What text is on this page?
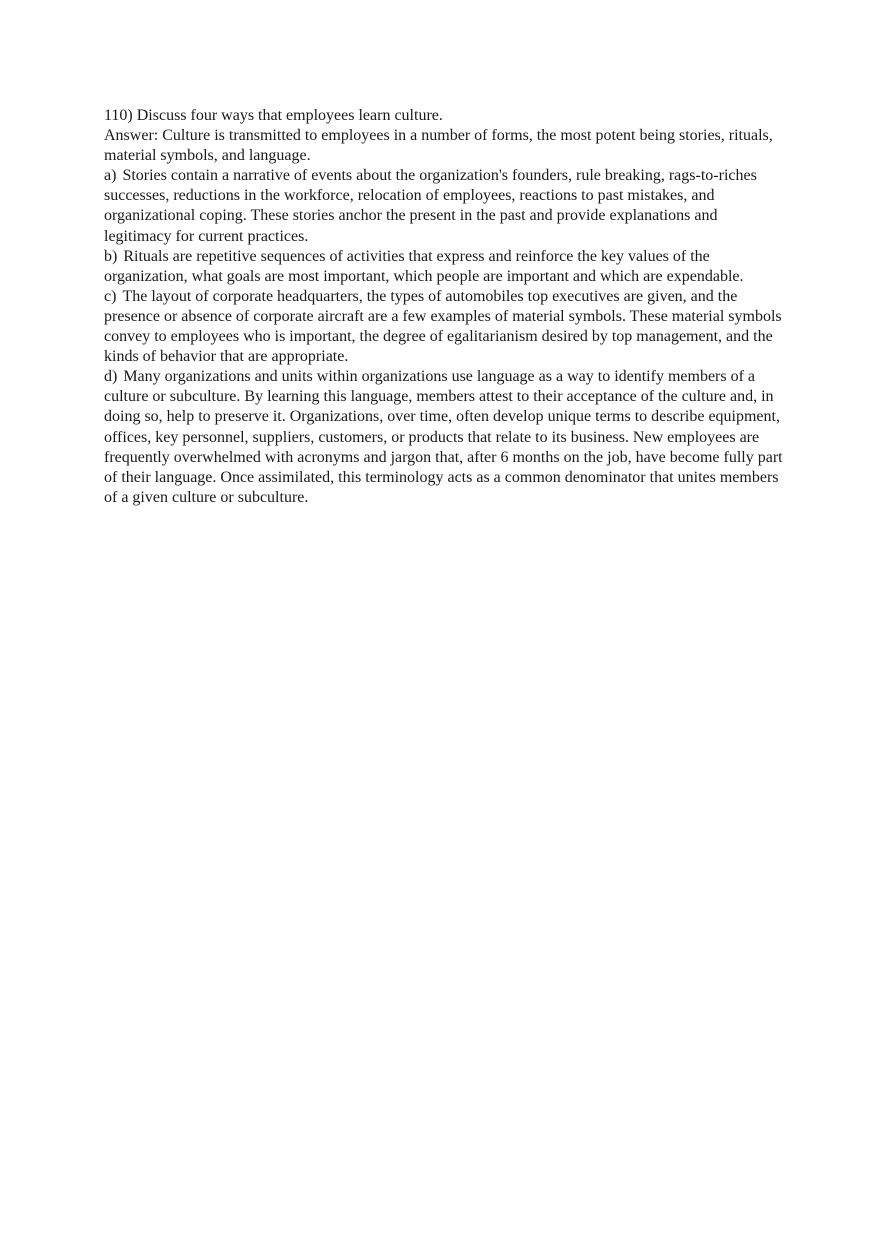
110) Discuss four ways that employees learn culture.

Answer: Culture is transmitted to employees in a number of forms, the most potent being stories, rituals, material symbols, and language.

a) Stories contain a narrative of events about the organization's founders, rule breaking, rags-to-riches successes, reductions in the workforce, relocation of employees, reactions to past mistakes, and organizational coping. These stories anchor the present in the past and provide explanations and legitimacy for current practices.

b) Rituals are repetitive sequences of activities that express and reinforce the key values of the organization, what goals are most important, which people are important and which are expendable.

c) The layout of corporate headquarters, the types of automobiles top executives are given, and the presence or absence of corporate aircraft are a few examples of material symbols. These material symbols convey to employees who is important, the degree of egalitarianism desired by top management, and the kinds of behavior that are appropriate.

d) Many organizations and units within organizations use language as a way to identify members of a culture or subculture. By learning this language, members attest to their acceptance of the culture and, in doing so, help to preserve it. Organizations, over time, often develop unique terms to describe equipment, offices, key personnel, suppliers, customers, or products that relate to its business. New employees are frequently overwhelmed with acronyms and jargon that, after 6 months on the job, have become fully part of their language. Once assimilated, this terminology acts as a common denominator that unites members of a given culture or subculture.
